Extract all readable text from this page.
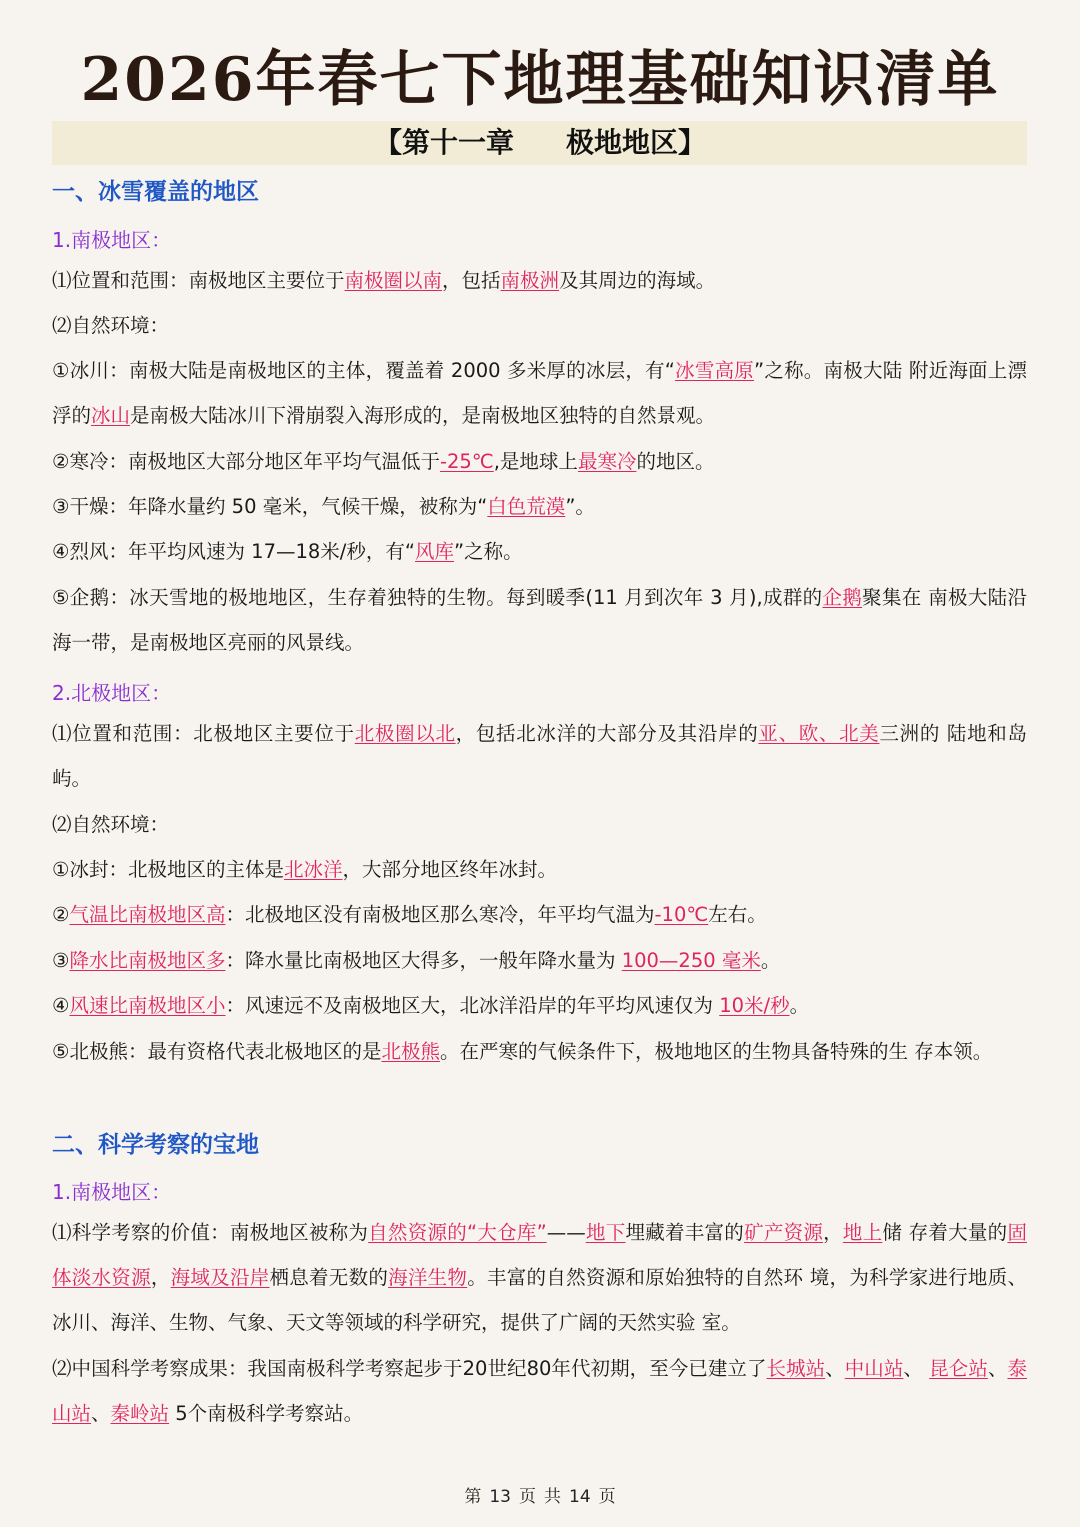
2026年春七下地理基础知识清单
【第十一章 极地地区】
一、冰雪覆盖的地区
1.南极地区：

⑴位置和范围：南极地区主要位于南极圈以南，包括南极洲及其周边的海域。

⑵自然环境：

①冰川：南极大陆是南极地区的主体，覆盖着 2000 多米厚的冰层，有“冰雪高原”之称。南极大陆 附近海面上漂浮的冰山是南极大陆冰川下滑崩裂入海形成的，是南极地区独特的自然景观。

②寒冷：南极地区大部分地区年平均气温低于-25℃,是地球上最寒冷的地区。

③干燥：年降水量约 50 毫米，气候干燥，被称为“白色荒漠”。

④烈风：年平均风速为 17—18米/秒，有“风库”之称。

⑤企鹅：冰天雪地的极地地区，生存着独特的生物。每到暖季(11 月到次年 3 月),成群的企鹅聚集在 南极大陆沿海一带，是南极地区亮丽的风景线。

2.北极地区：

⑴位置和范围：北极地区主要位于北极圈以北，包括北冰洋的大部分及其沿岸的亚、欧、北美三洲的 陆地和岛屿。

⑵自然环境：

①冰封：北极地区的主体是北冰洋，大部分地区终年冰封。

②气温比南极地区高：北极地区没有南极地区那么寒冷，年平均气温为-10℃左右。

③降水比南极地区多：降水量比南极地区大得多，一般年降水量为 100—250 毫米。

④风速比南极地区小：风速远不及南极地区大，北冰洋沿岸的年平均风速仅为 10米/秒。

⑤北极熊：最有资格代表北极地区的是北极熊。在严寒的气候条件下，极地地区的生物具备特殊的生 存本领。

二、科学考察的宝地
1.南极地区：

⑴科学考察的价值：南极地区被称为自然资源的“大仓库”——地下埋藏着丰富的矿产资源，地上储 存着大量的固体淡水资源，海域及沿岸栖息着无数的海洋生物。丰富的自然资源和原始独特的自然环 境，为科学家进行地质、冰川、海洋、生物、气象、天文等领域的科学研究，提供了广阔的天然实验 室。

⑵中国科学考察成果：我国南极科学考察起步于20世纪80年代初期，至今已建立了长城站、中山站、 昆仑站、泰山站、秦岭站 5个南极科学考察站。

第 13 页 共 14 页
